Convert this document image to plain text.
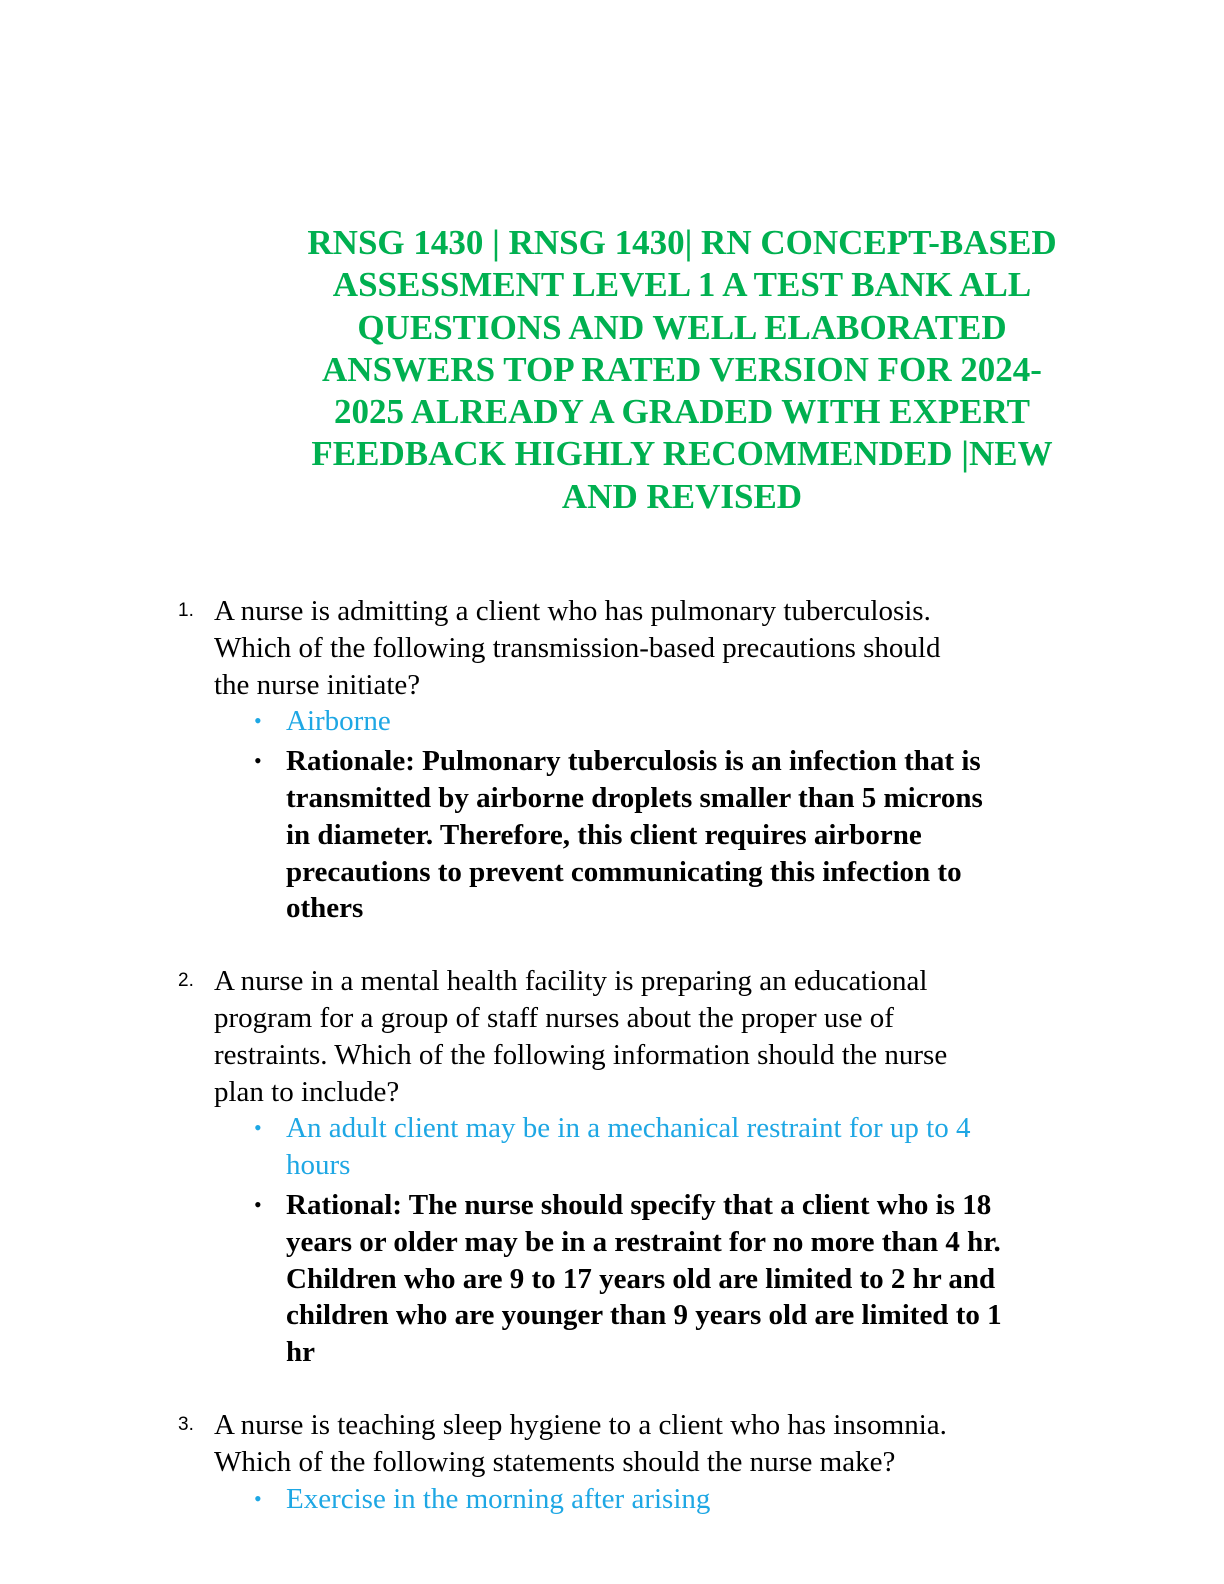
RNSG 1430 | RNSG 1430| RN CONCEPT-BASED
ASSESSMENT LEVEL 1 A TEST BANK ALL
QUESTIONS AND WELL ELABORATED
ANSWERS TOP RATED VERSION FOR 2024-
2025 ALREADY A GRADED WITH EXPERT
FEEDBACK HIGHLY RECOMMENDED |NEW
AND REVISED
1. A nurse is admitting a client who has pulmonary tuberculosis.
Which of the following transmission-based precautions should
the nurse initiate?
• Airborne
• Rationale: Pulmonary tuberculosis is an infection that is
transmitted by airborne droplets smaller than 5 microns
in diameter. Therefore, this client requires airborne
precautions to prevent communicating this infection to
others
2. A nurse in a mental health facility is preparing an educational
program for a group of staff nurses about the proper use of
restraints. Which of the following information should the nurse
plan to include?
• An adult client may be in a mechanical restraint for up to 4
hours
• Rational: The nurse should specify that a client who is 18
years or older may be in a restraint for no more than 4 hr.
Children who are 9 to 17 years old are limited to 2 hr and
children who are younger than 9 years old are limited to 1
hr
3. A nurse is teaching sleep hygiene to a client who has insomnia.
Which of the following statements should the nurse make?
• Exercise in the morning after arising
